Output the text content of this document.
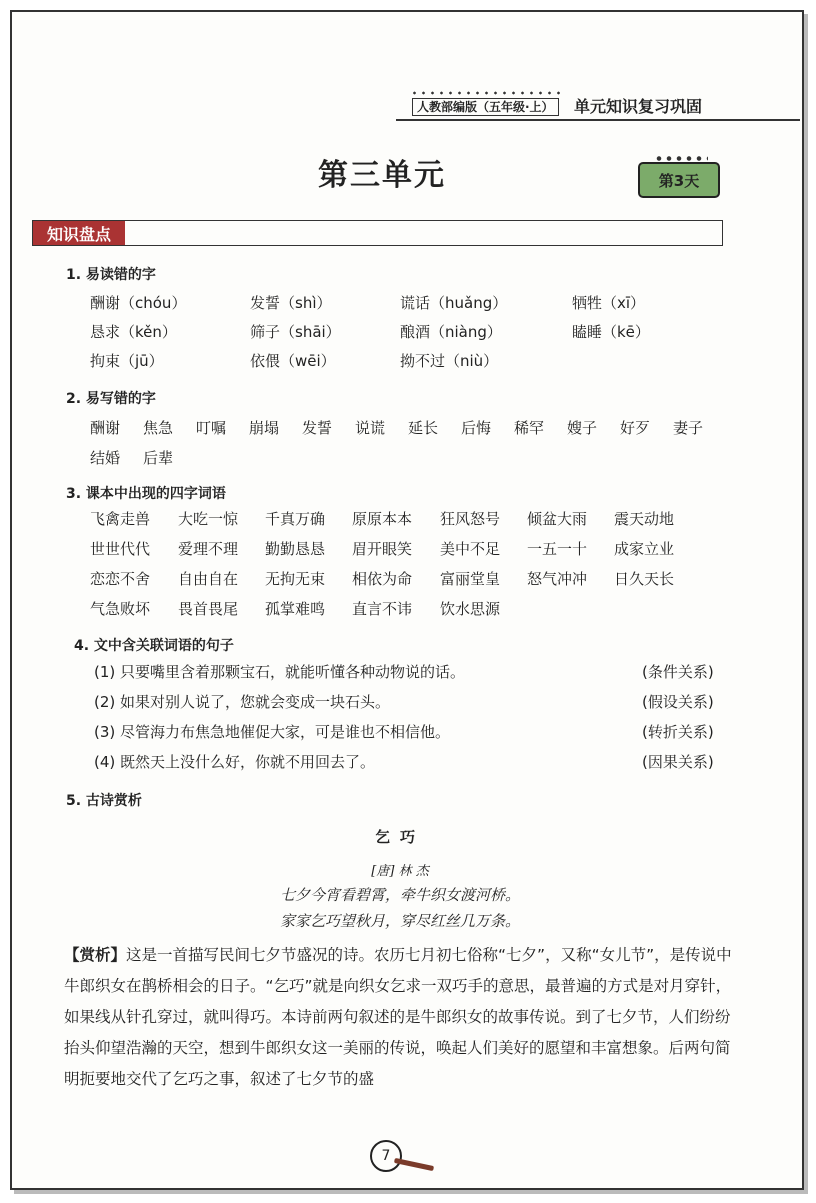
人教部编版（五年级·上）	单元知识复习巩固
第三单元	第3天
知识盘点
1. 易读错的字
酬谢（chóu）	发誓（shì）	谎话（huǎng）	牺牲（xī）
恳求（kěn）	筛子（shāi）	酿酒（niàng）	瞌睡（kē）
拘束（jū）	依偎（wēi）	拗不过（niù）
2. 易写错的字
酬谢 焦急 叮嘱 崩塌 发誓 说谎 延长 后悔 稀罕 嫂子 好歹 妻子
结婚 后辈
3. 课本中出现的四字词语
飞禽走兽 大吃一惊 千真万确 原原本本 狂风怒号 倾盆大雨 震天动地
世世代代 爱理不理 勤勤恳恳 眉开眼笑 美中不足 一五一十 成家立业
恋恋不舍 自由自在 无拘无束 相依为命 富丽堂皇 怒气冲冲 日久天长
气急败坏 畏首畏尾 孤掌难鸣 直言不讳 饮水思源
4. 文中含关联词语的句子
(1) 只要嘴里含着那颗宝石，就能听懂各种动物说的话。	(条件关系)
(2) 如果对别人说了，您就会变成一块石头。	(假设关系)
(3) 尽管海力布焦急地催促大家，可是谁也不相信他。	(转折关系)
(4) 既然天上没什么好，你就不用回去了。	(因果关系)
5. 古诗赏析
乞巧
[唐] 林 杰
七夕今宵看碧霄，牵牛织女渡河桥。
家家乞巧望秋月，穿尽红丝几万条。
【赏析】这是一首描写民间七夕节盛况的诗。农历七月初七俗称“七夕”，又称“女儿节”，是传说中牛郎织女在鹊桥相会的日子。“乞巧”就是向织女乞求一双巧手的意思，最普遍的方式是对月穿针，如果线从针孔穿过，就叫得巧。本诗前两句叙述的是牛郎织女的故事传说。到了七夕节，人们纷纷抬头仰望浩瀚的天空，想到牛郎织女这一美丽的传说，唤起人们美好的愿望和丰富想象。后两句简明扼要地交代了乞巧之事，叙述了七夕节的盛
7
